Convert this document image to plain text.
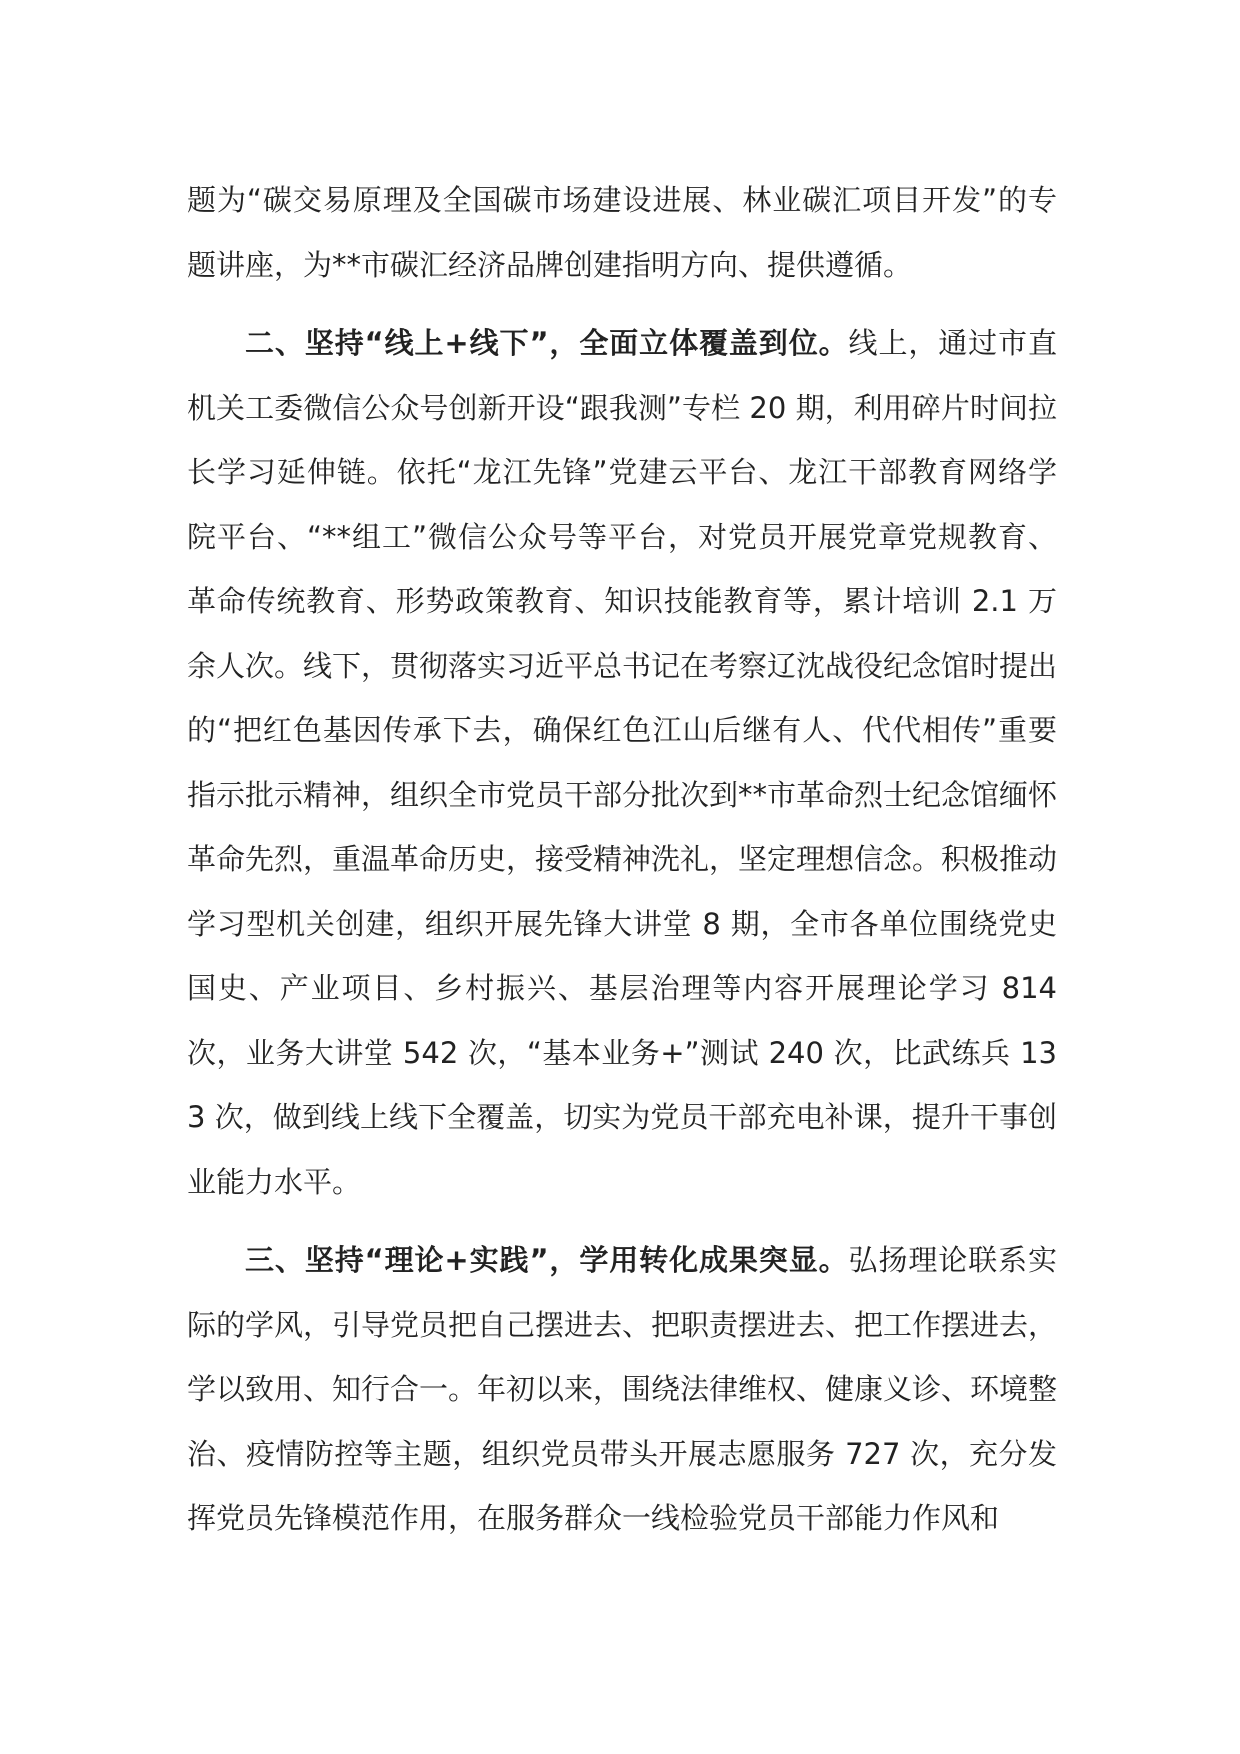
题为“碳交易原理及全国碳市场建设进展、林业碳汇项目开发”的专题讲座，为**市碳汇经济品牌创建指明方向、提供遵循。

二、坚持“线上+线下”，全面立体覆盖到位。线上，通过市直机关工委微信公众号创新开设“跟我测”专栏 20 期，利用碎片时间拉长学习延伸链。依托“龙江先锋”党建云平台、龙江干部教育网络学院平台、“**组工”微信公众号等平台，对党员开展党章党规教育、革命传统教育、形势政策教育、知识技能教育等，累计培训 2.1 万余人次。线下，贯彻落实习近平总书记在考察辽沈战役纪念馆时提出的“把红色基因传承下去，确保红色江山后继有人、代代相传”重要指示批示精神，组织全市党员干部分批次到**市革命烈士纪念馆缅怀革命先烈，重温革命历史，接受精神洗礼，坚定理想信念。积极推动学习型机关创建，组织开展先锋大讲堂 8 期，全市各单位围绕党史国史、产业项目、乡村振兴、基层治理等内容开展理论学习 814 次，业务大讲堂 542 次，“基本业务+”测试 240 次，比武练兵 133 次，做到线上线下全覆盖，切实为党员干部充电补课，提升干事创业能力水平。

三、坚持“理论+实践”，学用转化成果突显。弘扬理论联系实际的学风，引导党员把自己摆进去、把职责摆进去、把工作摆进去，学以致用、知行合一。年初以来，围绕法律维权、健康义诊、环境整治、疫情防控等主题，组织党员带头开展志愿服务 727 次，充分发挥党员先锋模范作用，在服务群众一线检验党员干部能力作风和
